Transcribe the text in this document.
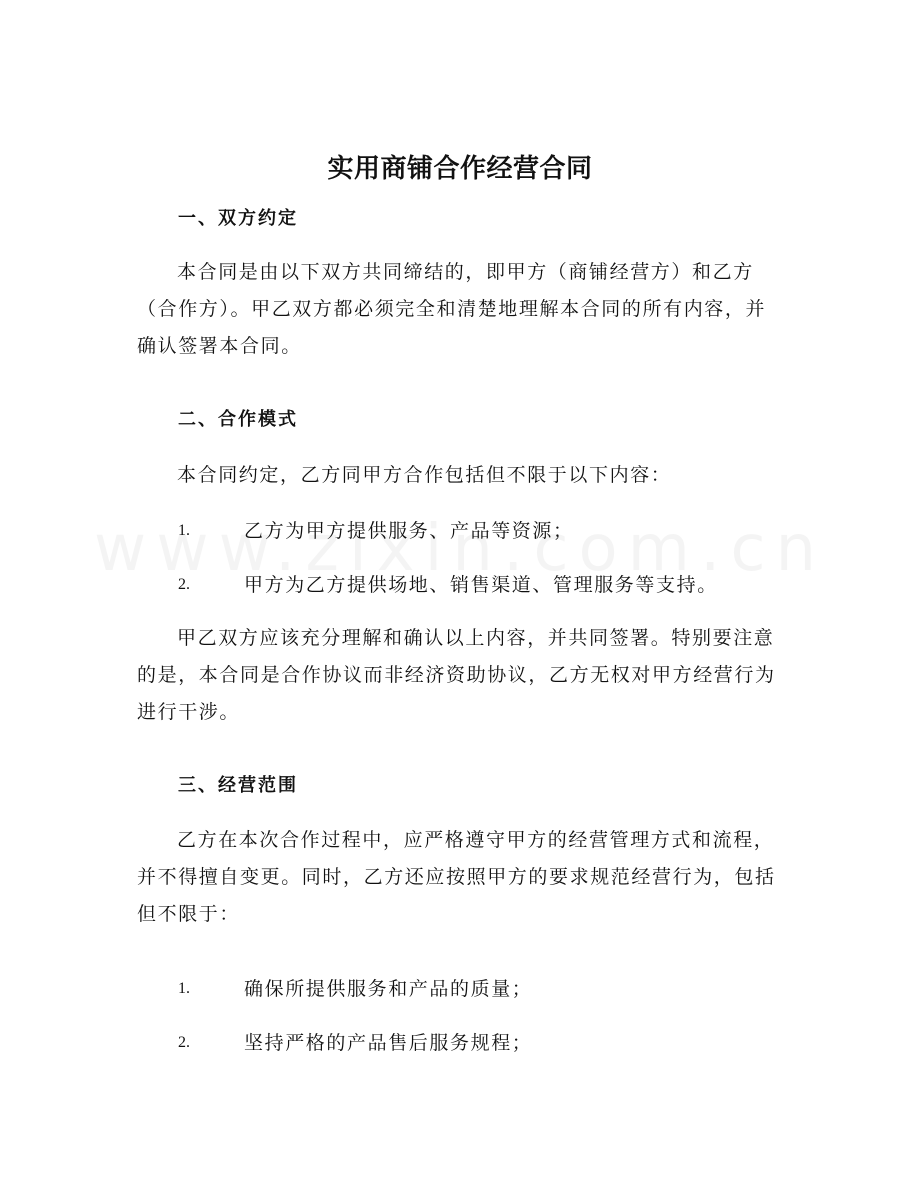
实用商铺合作经营合同
一、双方约定

本合同是由以下双方共同缔结的，即甲方（商铺经营方）和乙方（合作方）。甲乙双方都必须完全和清楚地理解本合同的所有内容，并确认签署本合同。

二、合作模式

本合同约定，乙方同甲方合作包括但不限于以下内容：

1.	乙方为甲方提供服务、产品等资源；
2.	甲方为乙方提供场地、销售渠道、管理服务等支持。

甲乙双方应该充分理解和确认以上内容，并共同签署。特别要注意的是，本合同是合作协议而非经济资助协议，乙方无权对甲方经营行为进行干涉。

三、经营范围

乙方在本次合作过程中，应严格遵守甲方的经营管理方式和流程，并不得擅自变更。同时，乙方还应按照甲方的要求规范经营行为，包括但不限于：

1.	确保所提供服务和产品的质量；
2.	坚持严格的产品售后服务规程；
